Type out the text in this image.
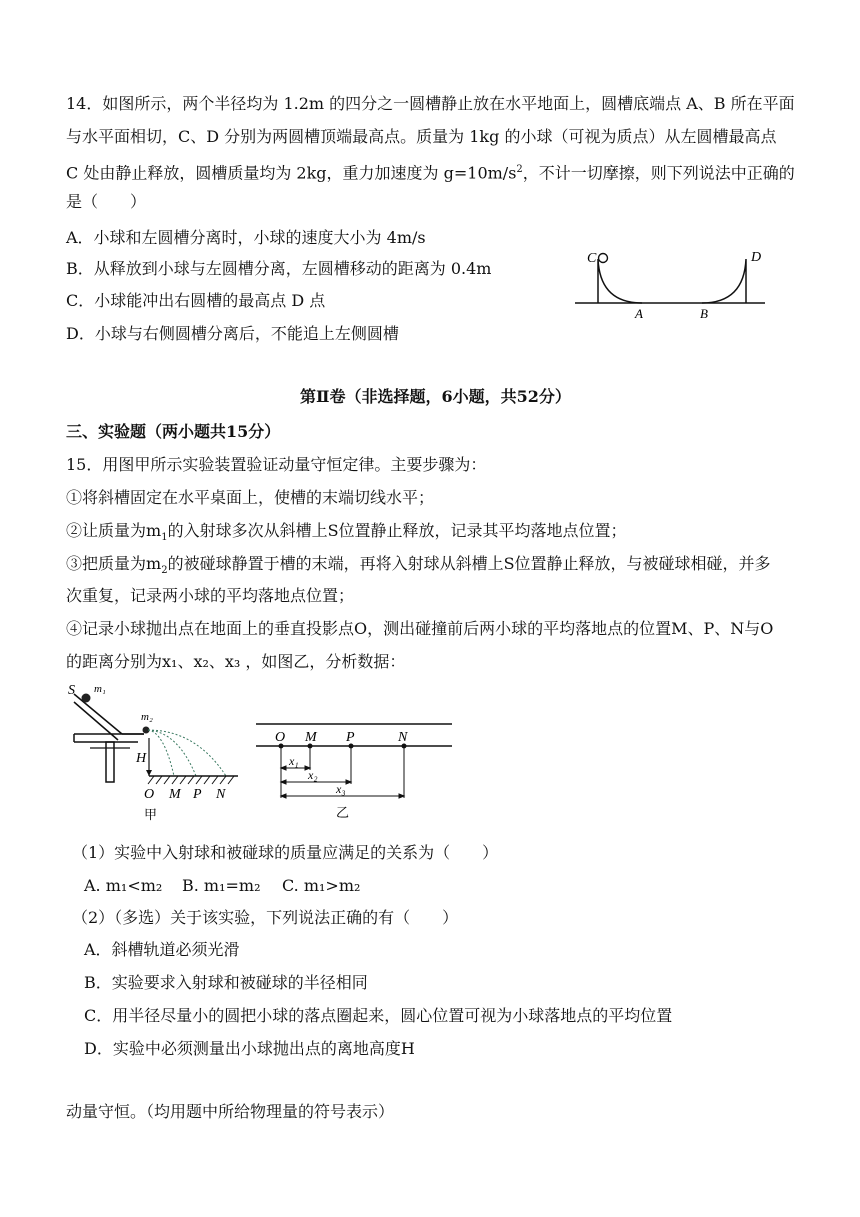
14．如图所示，两个半径均为 1.2m 的四分之一圆槽静止放在水平地面上，圆槽底端点 A、B 所在平面
与水平面相切，C、D 分别为两圆槽顶端最高点。质量为 1kg 的小球（可视为质点）从左圆槽最高点
C 处由静止释放，圆槽质量均为 2kg，重力加速度为 $g=10m/s^2$，不计一切摩擦，则下列说法中正确的
是（　　）
A．小球和左圆槽分离时，小球的速度大小为 4m/s
B．从释放到小球与左圆槽分离，左圆槽移动的距离为 0.4m
C．小球能冲出右圆槽的最高点 D 点
D．小球与右侧圆槽分离后，不能追上左侧圆槽
C	D
A	B
第Ⅱ卷（非选择题，6小题，共52分）
三、实验题（两小题共15分）
15．用图甲所示实验装置验证动量守恒定律。主要步骤为：
①将斜槽固定在水平桌面上，使槽的末端切线水平；
②让质量为$m_1$的入射球多次从斜槽上S位置静止释放，记录其平均落地点位置；
③把质量为$m_2$的被碰球静置于槽的末端，再将入射球从斜槽上S位置静止释放，与被碰球相碰，并多
次重复，记录两小球的平均落地点位置；
④记录小球抛出点在地面上的垂直投影点O，测出碰撞前后两小球的平均落地点的位置M、P、N与O
的距离分别为x₁、x₂、x₃ ，如图乙，分析数据：
S m₁
m₂
H
O M P N
甲
O M P	N
x₁
x₂
x₃
乙
（1）实验中入射球和被碰球的质量应满足的关系为（　　）
A. m₁<m₂ B. m₁=m₂ C. m₁>m₂
（2）（多选）关于该实验，下列说法正确的有（　　）
A．斜槽轨道必须光滑
B．实验要求入射球和被碰球的半径相同
C．用半径尽量小的圆把小球的落点圈起来，圆心位置可视为小球落地点的平均位置
D．实验中必须测量出小球抛出点的离地高度H
动量守恒。（均用题中所给物理量的符号表示）
